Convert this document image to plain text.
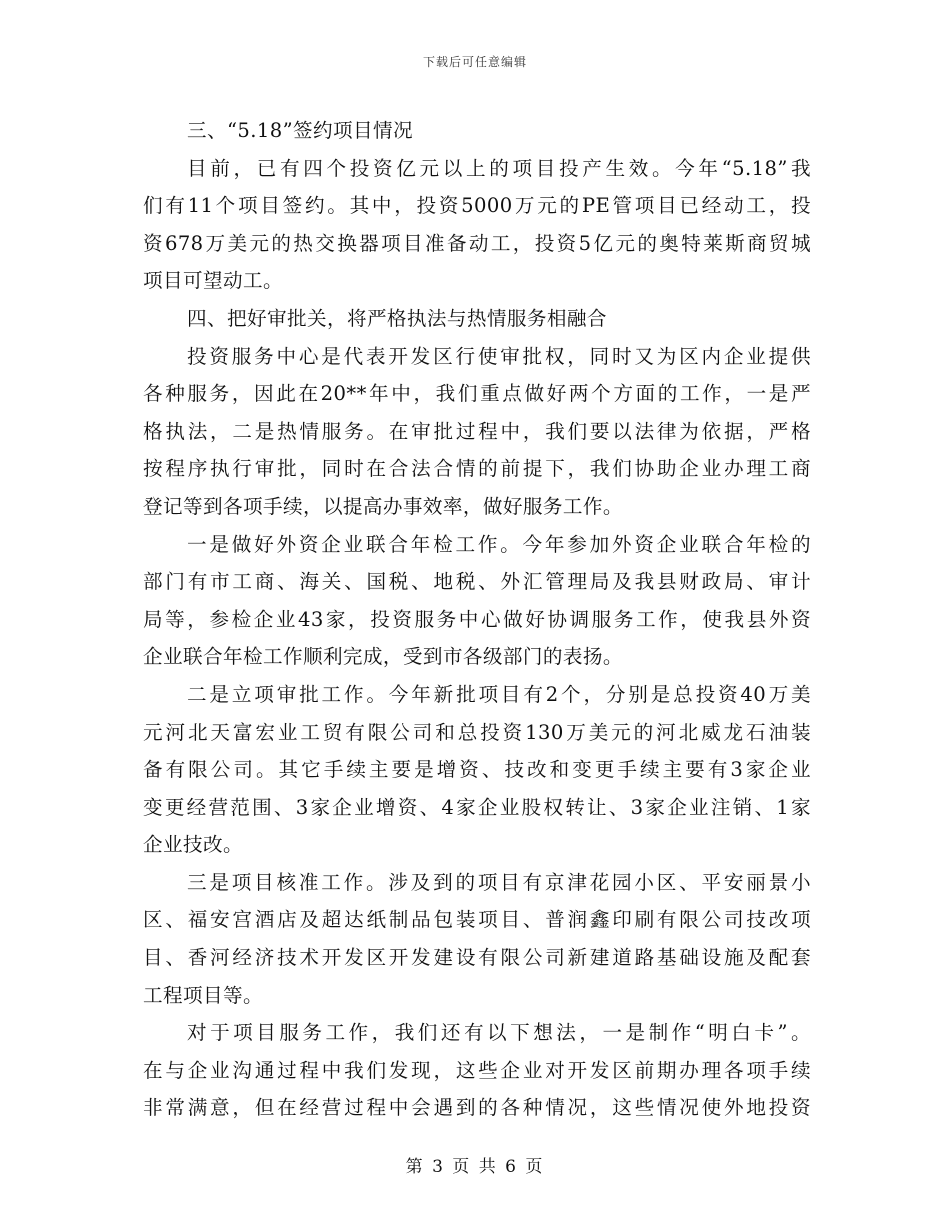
下载后可任意编辑
三、“5.18”签约项目情况
目前，已有四个投资亿元以上的项目投产生效。今年“5.18”我
们有11个项目签约。其中，投资5000万元的PE管项目已经动工，投
资678万美元的热交换器项目准备动工，投资5亿元的奥特莱斯商贸城
项目可望动工。
四、把好审批关，将严格执法与热情服务相融合
投资服务中心是代表开发区行使审批权，同时又为区内企业提供
各种服务，因此在20**年中，我们重点做好两个方面的工作，一是严
格执法，二是热情服务。在审批过程中，我们要以法律为依据，严格
按程序执行审批，同时在合法合情的前提下，我们协助企业办理工商
登记等到各项手续，以提高办事效率，做好服务工作。
一是做好外资企业联合年检工作。今年参加外资企业联合年检的
部门有市工商、海关、国税、地税、外汇管理局及我县财政局、审计
局等，参检企业43家，投资服务中心做好协调服务工作，使我县外资
企业联合年检工作顺利完成，受到市各级部门的表扬。
二是立项审批工作。今年新批项目有2个，分别是总投资40万美
元河北天富宏业工贸有限公司和总投资130万美元的河北威龙石油装
备有限公司。其它手续主要是增资、技改和变更手续主要有3家企业
变更经营范围、3家企业增资、4家企业股权转让、3家企业注销、1家
企业技改。
三是项目核准工作。涉及到的项目有京津花园小区、平安丽景小
区、福安宫酒店及超达纸制品包装项目、普润鑫印刷有限公司技改项
目、香河经济技术开发区开发建设有限公司新建道路基础设施及配套
工程项目等。
对于项目服务工作，我们还有以下想法，一是制作“明白卡”。
在与企业沟通过程中我们发现，这些企业对开发区前期办理各项手续
非常满意，但在经营过程中会遇到的各种情况，这些情况使外地投资
第 3 页 共 6 页
